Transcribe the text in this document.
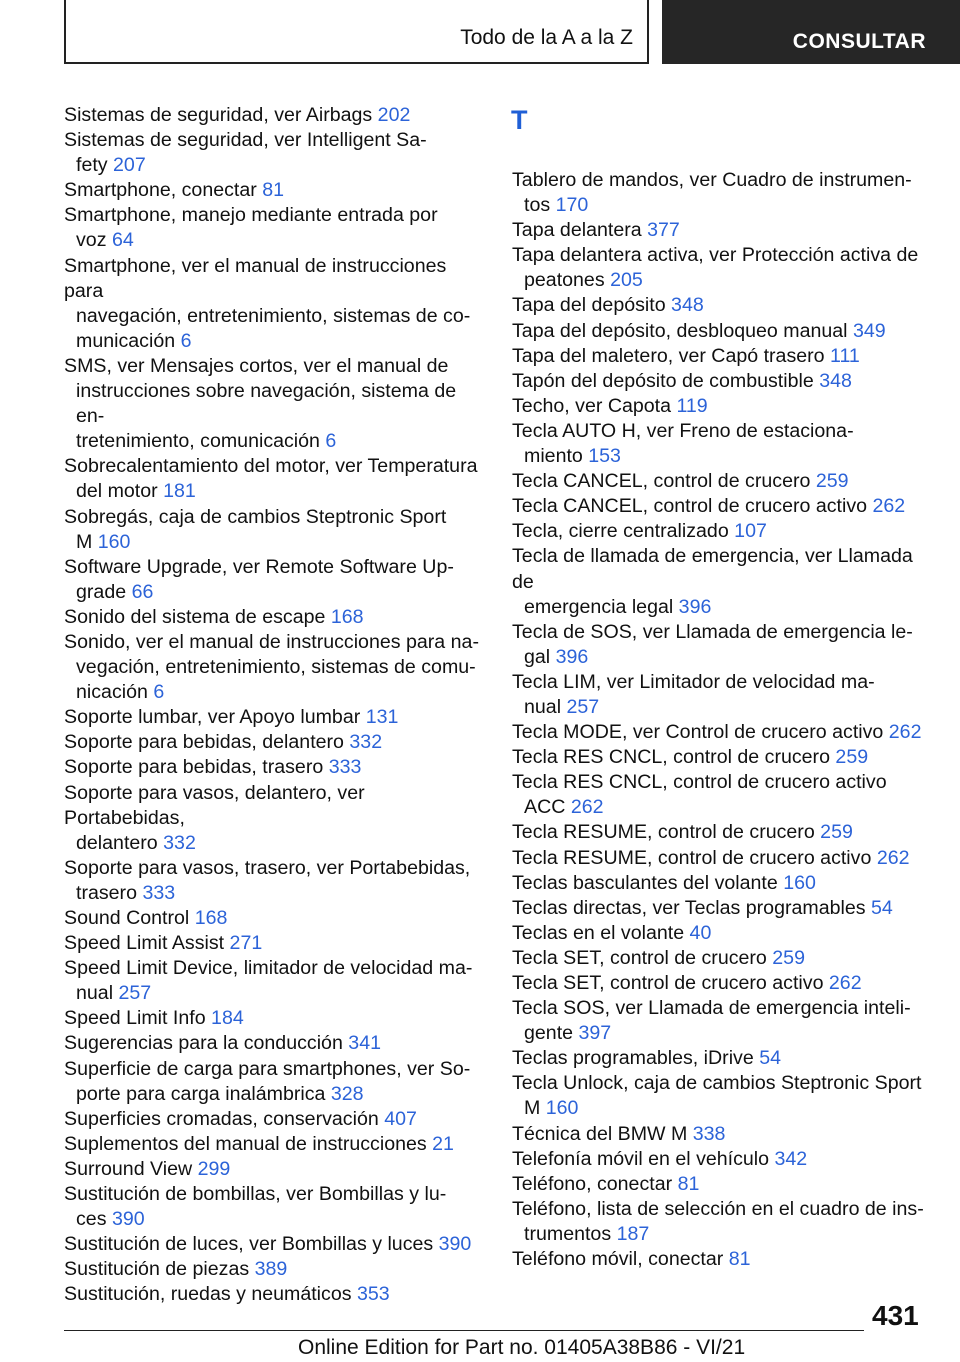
Todo de la A a la Z	CONSULTAR
Sistemas de seguridad, ver Airbags 202
Sistemas de seguridad, ver Intelligent Sa-
fety 207
Smartphone, conectar 81
Smartphone, manejo mediante entrada por
voz 64
Smartphone, ver el manual de instrucciones para
navegación, entretenimiento, sistemas de co-
municación 6
SMS, ver Mensajes cortos, ver el manual de
instrucciones sobre navegación, sistema de en-
tretenimiento, comunicación 6
Sobrecalentamiento del motor, ver Temperatura
del motor 181
Sobregás, caja de cambios Steptronic Sport
M 160
Software Upgrade, ver Remote Software Up-
grade 66
Sonido del sistema de escape 168
Sonido, ver el manual de instrucciones para na-
vegación, entretenimiento, sistemas de comu-
nicación 6
Soporte lumbar, ver Apoyo lumbar 131
Soporte para bebidas, delantero 332
Soporte para bebidas, trasero 333
Soporte para vasos, delantero, ver Portabebidas,
delantero 332
Soporte para vasos, trasero, ver Portabebidas,
trasero 333
Sound Control 168
Speed Limit Assist 271
Speed Limit Device, limitador de velocidad ma-
nual 257
Speed Limit Info 184
Sugerencias para la conducción 341
Superficie de carga para smartphones, ver So-
porte para carga inalámbrica 328
Superficies cromadas, conservación 407
Suplementos del manual de instrucciones 21
Surround View 299
Sustitución de bombillas, ver Bombillas y lu-
ces 390
Sustitución de luces, ver Bombillas y luces 390
Sustitución de piezas 389
Sustitución, ruedas y neumáticos 353
T
Tablero de mandos, ver Cuadro de instrumen-
tos 170
Tapa delantera 377
Tapa delantera activa, ver Protección activa de
peatones 205
Tapa del depósito 348
Tapa del depósito, desbloqueo manual 349
Tapa del maletero, ver Capó trasero 111
Tapón del depósito de combustible 348
Techo, ver Capota 119
Tecla AUTO H, ver Freno de estaciona-
miento 153
Tecla CANCEL, control de crucero 259
Tecla CANCEL, control de crucero activo 262
Tecla, cierre centralizado 107
Tecla de llamada de emergencia, ver Llamada de
emergencia legal 396
Tecla de SOS, ver Llamada de emergencia le-
gal 396
Tecla LIM, ver Limitador de velocidad ma-
nual 257
Tecla MODE, ver Control de crucero activo 262
Tecla RES CNCL, control de crucero 259
Tecla RES CNCL, control de crucero activo
ACC 262
Tecla RESUME, control de crucero 259
Tecla RESUME, control de crucero activo 262
Teclas basculantes del volante 160
Teclas directas, ver Teclas programables 54
Teclas en el volante 40
Tecla SET, control de crucero 259
Tecla SET, control de crucero activo 262
Tecla SOS, ver Llamada de emergencia inteli-
gente 397
Teclas programables, iDrive 54
Tecla Unlock, caja de cambios Steptronic Sport
M 160
Técnica del BMW M 338
Telefonía móvil en el vehículo 342
Teléfono, conectar 81
Teléfono, lista de selección en el cuadro de ins-
trumentos 187
Teléfono móvil, conectar 81
431
Online Edition for Part no. 01405A38B86 - VI/21
